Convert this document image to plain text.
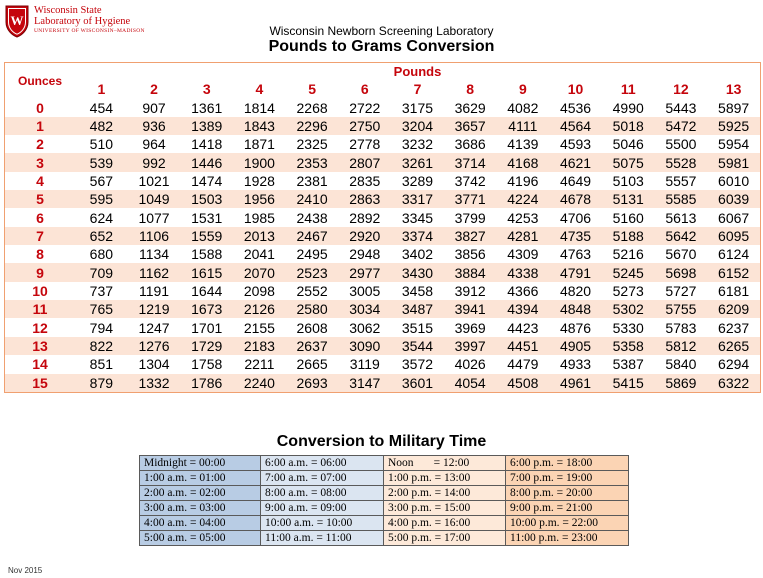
W
Wisconsin State
Laboratory of Hygiene
UNIVERSITY OF WISCONSIN–MADISON	Wisconsin Newborn Screening Laboratory
Pounds to Grams Conversion
Ounces	Pounds												
	1	2	3	4	5	6	7	8	9	10	11	12	13
0	454	907	1361	1814	2268	2722	3175	3629	4082	4536	4990	5443	5897
1	482	936	1389	1843	2296	2750	3204	3657	4111	4564	5018	5472	5925
2	510	964	1418	1871	2325	2778	3232	3686	4139	4593	5046	5500	5954
3	539	992	1446	1900	2353	2807	3261	3714	4168	4621	5075	5528	5981
4	567	1021	1474	1928	2381	2835	3289	3742	4196	4649	5103	5557	6010
5	595	1049	1503	1956	2410	2863	3317	3771	4224	4678	5131	5585	6039
6	624	1077	1531	1985	2438	2892	3345	3799	4253	4706	5160	5613	6067
7	652	1106	1559	2013	2467	2920	3374	3827	4281	4735	5188	5642	6095
8	680	1134	1588	2041	2495	2948	3402	3856	4309	4763	5216	5670	6124
9	709	1162	1615	2070	2523	2977	3430	3884	4338	4791	5245	5698	6152
10	737	1191	1644	2098	2552	3005	3458	3912	4366	4820	5273	5727	6181
11	765	1219	1673	2126	2580	3034	3487	3941	4394	4848	5302	5755	6209
12	794	1247	1701	2155	2608	3062	3515	3969	4423	4876	5330	5783	6237
13	822	1276	1729	2183	2637	3090	3544	3997	4451	4905	5358	5812	6265
14	851	1304	1758	2211	2665	3119	3572	4026	4479	4933	5387	5840	6294
15	879	1332	1786	2240	2693	3147	3601	4054	4508	4961	5415	5869	6322
Conversion to Military Time
Midnight = 00:00	6:00 a.m. = 06:00	Noon       = 12:00	6:00 p.m. = 18:00
1:00 a.m. = 01:00	7:00 a.m. = 07:00	1:00 p.m. = 13:00	7:00 p.m. = 19:00
2:00 a.m. = 02:00	8:00 a.m. = 08:00	2:00 p.m. = 14:00	8:00 p.m. = 20:00
3:00 a.m. = 03:00	9:00 a.m. = 09:00	3:00 p.m. = 15:00	9:00 p.m. = 21:00
4:00 a.m. = 04:00	10:00 a.m. = 10:00	4:00 p.m. = 16:00	10:00 p.m. = 22:00
5:00 a.m. = 05:00	11:00 a.m. = 11:00	5:00 p.m. = 17:00	11:00 p.m. = 23:00
Nov 2015
